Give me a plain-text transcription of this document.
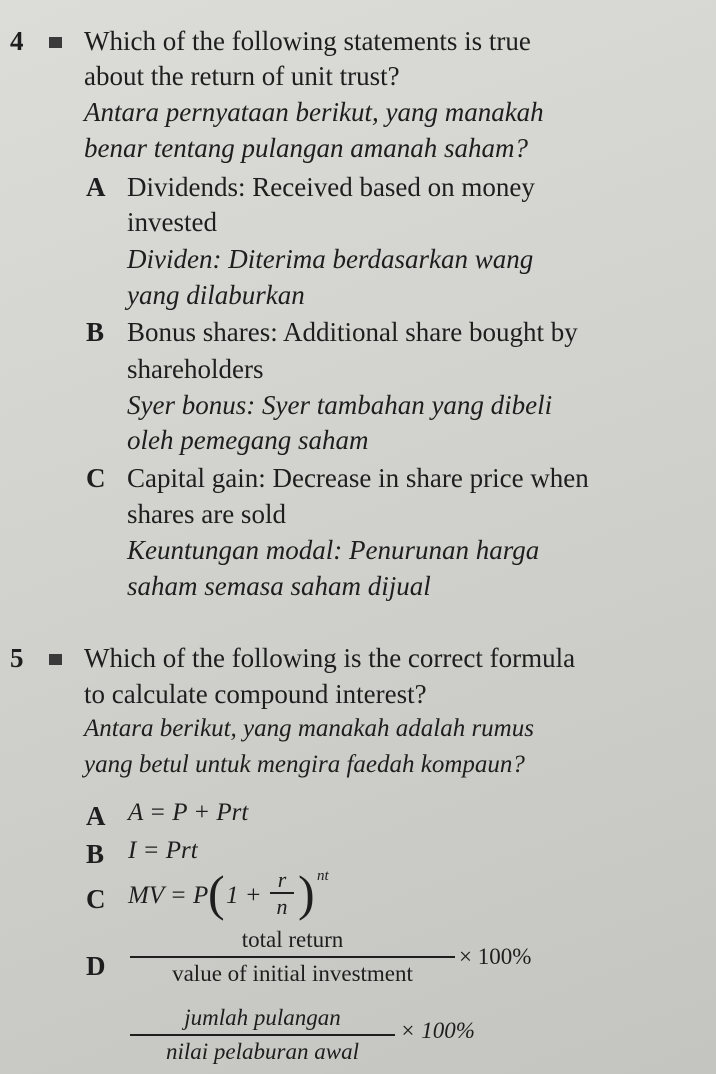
4 Which of the following statements is true
about the return of unit trust?
Antara pernyataan berikut, yang manakah
benar tentang pulangan amanah saham?
A Dividends: Received based on money
invested
Dividen: Diterima berdasarkan wang
yang dilaburkan
B Bonus shares: Additional share bought by
shareholders
Syer bonus: Syer tambahan yang dibeli
oleh pemegang saham
C Capital gain: Decrease in share price when
shares are sold
Keuntungan modal: Penurunan harga
saham semasa saham dijual
5 Which of the following is the correct formula
to calculate compound interest?
Antara berikut, yang manakah adalah rumus
yang betul untuk mengira faedah kompaun?
A A = P + Prt
B I = Prt
C MV = P ( 1 +
r
n ) nt
D
total return
value of initial investment
× 100%
jumlah pulangan
nilai pelaburan awal
× 100%
